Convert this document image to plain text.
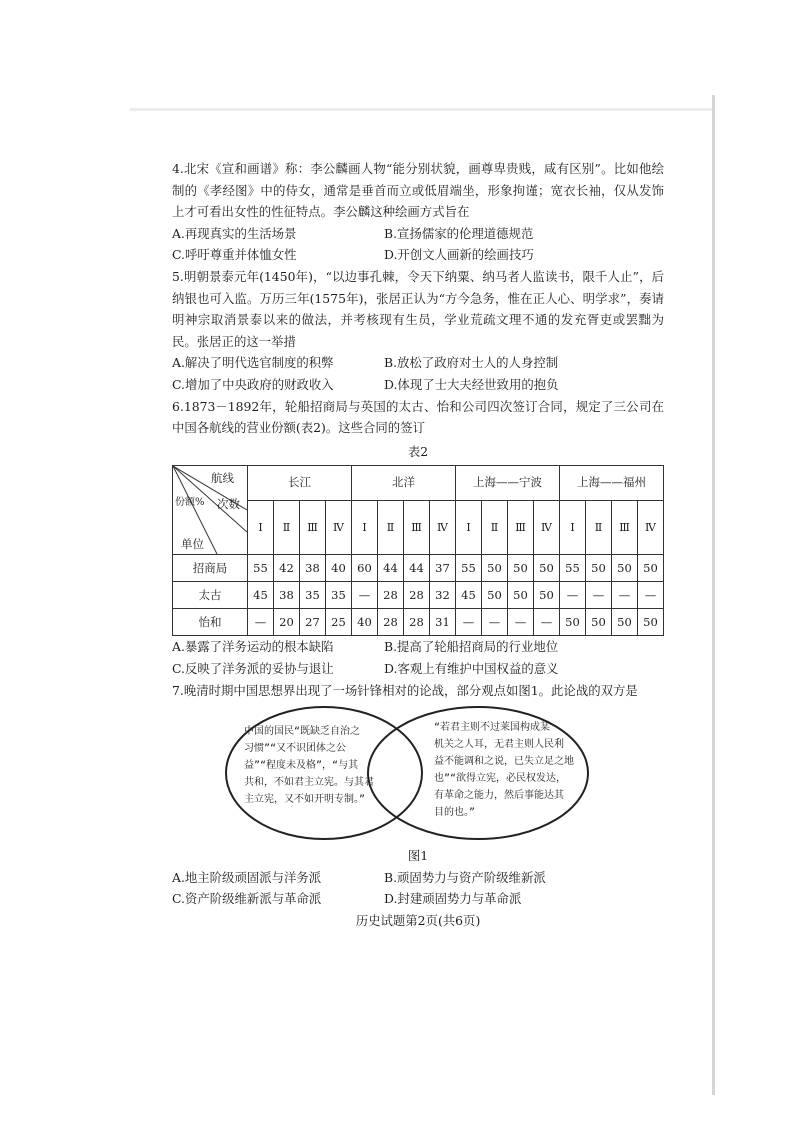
4.北宋《宣和画谱》称：李公麟画人物“能分别状貌，画尊卑贵贱，咸有区别”。比如他绘制的《孝经图》中的侍女，通常是垂首而立或低眉端坐，形象拘谨；宽衣长袖，仅从发饰上才可看出女性的性征特点。李公麟这种绘画方式旨在

A.再现真实的生活场景	B.宣扬儒家的伦理道德规范
C.呼吁尊重并体恤女性	D.开创文人画新的绘画技巧

5.明朝景泰元年(1450年)，“以边事孔棘，令天下纳粟、纳马者人监读书，限千人止”，后纳银也可入监。万历三年(1575年)，张居正认为“方今急务，惟在正人心、明学求”，奏请明神宗取消景泰以来的做法，并考核现有生员，学业荒疏文理不通的发充胥吏或罢黜为民。张居正的这一举措

A.解决了明代选官制度的积弊	B.放松了政府对士人的人身控制
C.增加了中央政府的财政收入	D.体现了士大夫经世致用的抱负

6.1873－1892年，轮船招商局与英国的太古、怡和公司四次签订合同，规定了三公司在中国各航线的营业份额(表2)。这些合同的签订

表2
航线
次数
份额%
单位	长江				北洋				上海——宁波				上海——福州			
	Ⅰ	Ⅱ	Ⅲ	Ⅳ	Ⅰ	Ⅱ	Ⅲ	Ⅳ	Ⅰ	Ⅱ	Ⅲ	Ⅳ	Ⅰ	Ⅱ	Ⅲ	Ⅳ
招商局	55	42	38	40	60	44	44	37	55	50	50	50	55	50	50	50
太古	45	38	35	35	—	28	28	32	45	50	50	50	—	—	—	—
怡和	—	20	27	25	40	28	28	31	—	—	—	—	50	50	50	50
A.暴露了洋务运动的根本缺陷	B.提高了轮船招商局的行业地位
C.反映了洋务派的妥协与退让	D.客观上有维护中国权益的意义

7.晚清时期中国思想界出现了一场针锋相对的论战，部分观点如图1。此论战的双方是

中国的国民“既缺乏自治之
习惯”“又不识团体之公
益”“程度未及格”，“与其
共和，不如君主立宪。与其君
主立宪，又不如开明专制。”
“若君主则不过莱国构成某
机关之人耳，无君主则人民利
益不能调和之说，已失立足之地
也”“欲得立宪，必民权发达，
有革命之能力，然后事能达其
目的也。”
图1
A.地主阶级顽固派与洋务派	B.顽固势力与资产阶级维新派
C.资产阶级维新派与革命派	D.封建顽固势力与革命派
历史试题第2页(共6页)
